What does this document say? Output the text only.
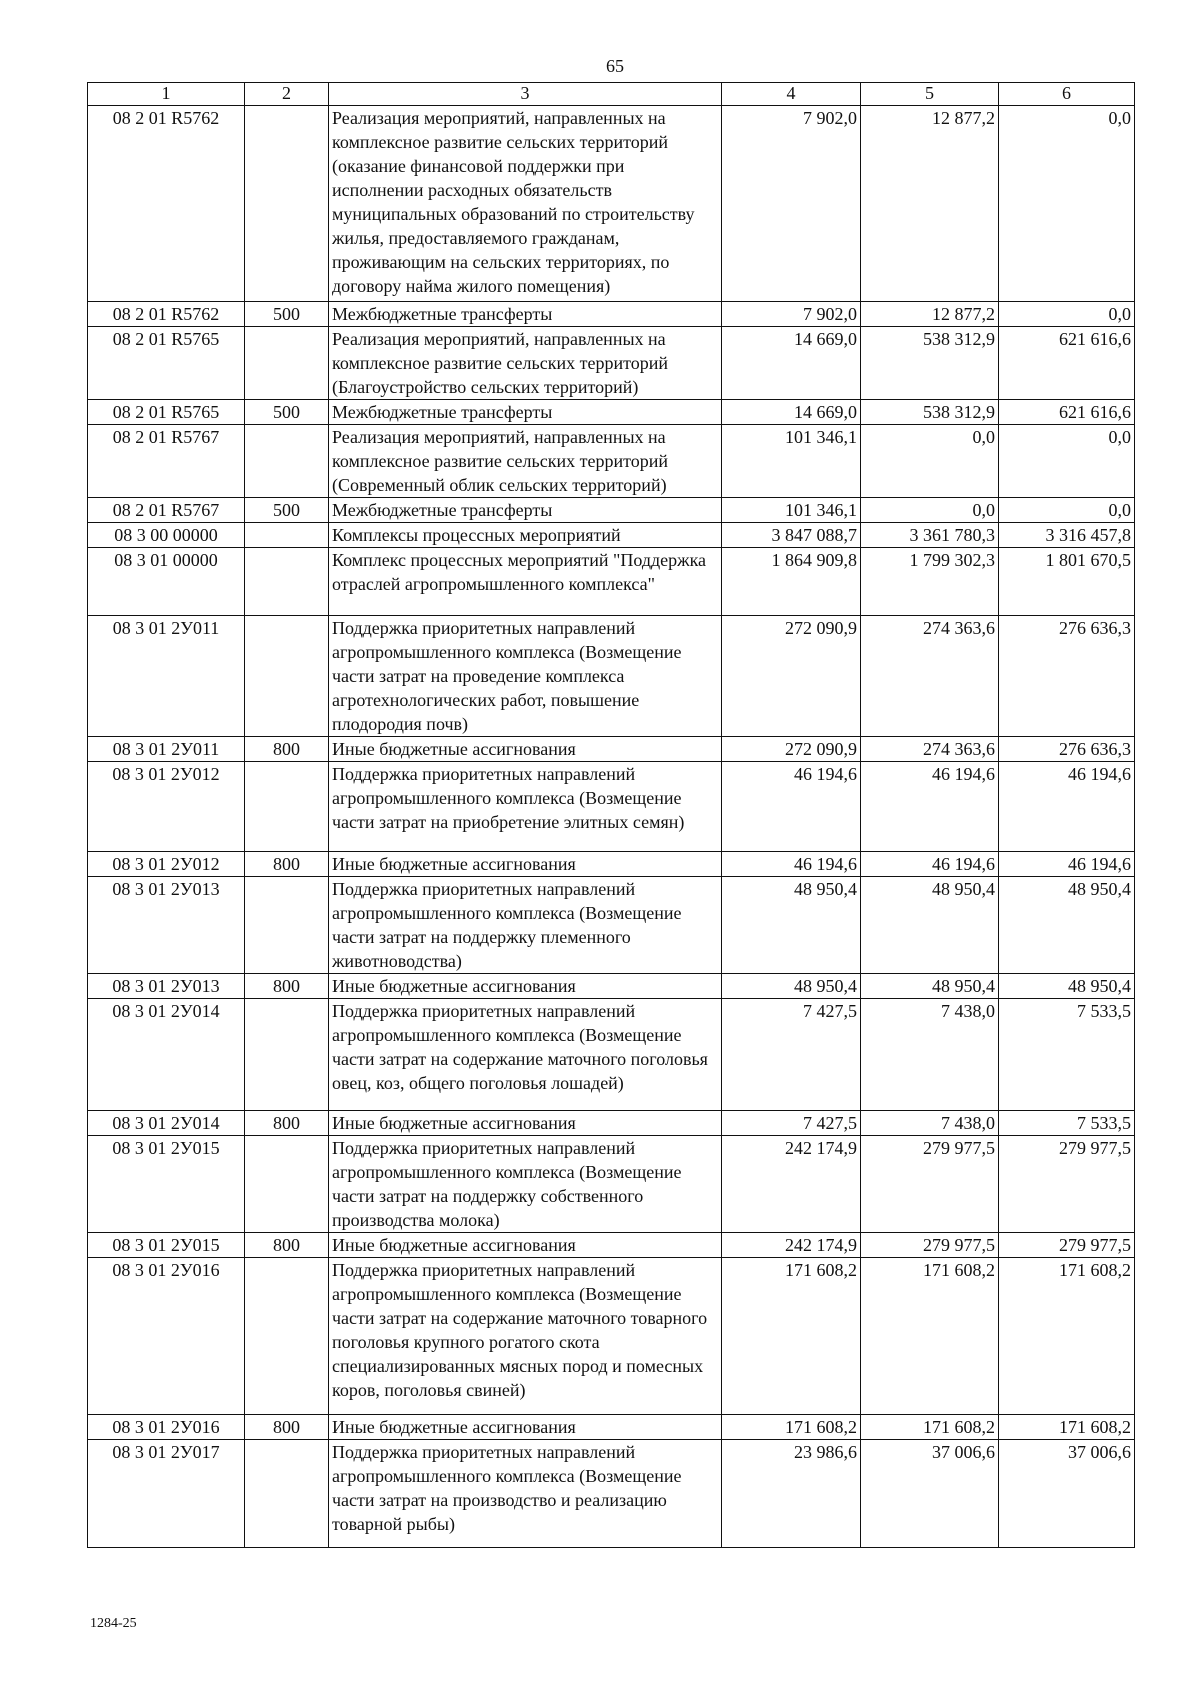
65
1	2	3	4	5	6
08 2 01 R5762		Реализация мероприятий, направленных на комплексное развитие сельских территорий (оказание финансовой поддержки при исполнении расходных обязательств муниципальных образований по строительству жилья, предоставляемого гражданам, проживающим на сельских территориях, по договору найма жилого помещения)	7 902,0	12 877,2	0,0
08 2 01 R5762	500	Межбюджетные трансферты	7 902,0	12 877,2	0,0
08 2 01 R5765		Реализация мероприятий, направленных на комплексное развитие сельских территорий (Благоустройство сельских территорий)	14 669,0	538 312,9	621 616,6
08 2 01 R5765	500	Межбюджетные трансферты	14 669,0	538 312,9	621 616,6
08 2 01 R5767		Реализация мероприятий, направленных на комплексное развитие сельских территорий (Современный облик сельских территорий)	101 346,1	0,0	0,0
08 2 01 R5767	500	Межбюджетные трансферты	101 346,1	0,0	0,0
08 3 00 00000		Комплексы процессных мероприятий	3 847 088,7	3 361 780,3	3 316 457,8
08 3 01 00000		Комплекс процессных мероприятий "Поддержка отраслей агропромышленного комплекса"	1 864 909,8	1 799 302,3	1 801 670,5
08 3 01 2У011		Поддержка приоритетных направлений агропромышленного комплекса (Возмещение части затрат на проведение комплекса агротехнологических работ, повышение плодородия почв)	272 090,9	274 363,6	276 636,3
08 3 01 2У011	800	Иные бюджетные ассигнования	272 090,9	274 363,6	276 636,3
08 3 01 2У012		Поддержка приоритетных направлений агропромышленного комплекса (Возмещение части затрат на приобретение элитных семян)	46 194,6	46 194,6	46 194,6
08 3 01 2У012	800	Иные бюджетные ассигнования	46 194,6	46 194,6	46 194,6
08 3 01 2У013		Поддержка приоритетных направлений агропромышленного комплекса (Возмещение части затрат на поддержку племенного животноводства)	48 950,4	48 950,4	48 950,4
08 3 01 2У013	800	Иные бюджетные ассигнования	48 950,4	48 950,4	48 950,4
08 3 01 2У014		Поддержка приоритетных направлений агропромышленного комплекса (Возмещение части затрат на содержание маточного поголовья овец, коз, общего поголовья лошадей)	7 427,5	7 438,0	7 533,5
08 3 01 2У014	800	Иные бюджетные ассигнования	7 427,5	7 438,0	7 533,5
08 3 01 2У015		Поддержка приоритетных направлений агропромышленного комплекса (Возмещение части затрат на поддержку собственного производства молока)	242 174,9	279 977,5	279 977,5
08 3 01 2У015	800	Иные бюджетные ассигнования	242 174,9	279 977,5	279 977,5
08 3 01 2У016		Поддержка приоритетных направлений агропромышленного комплекса (Возмещение части затрат на содержание маточного товарного поголовья крупного рогатого скота специализированных мясных пород и помесных коров, поголовья свиней)	171 608,2	171 608,2	171 608,2
08 3 01 2У016	800	Иные бюджетные ассигнования	171 608,2	171 608,2	171 608,2
08 3 01 2У017		Поддержка приоритетных направлений агропромышленного комплекса (Возмещение части затрат на производство и реализацию товарной рыбы)	23 986,6	37 006,6	37 006,6
1284-25
